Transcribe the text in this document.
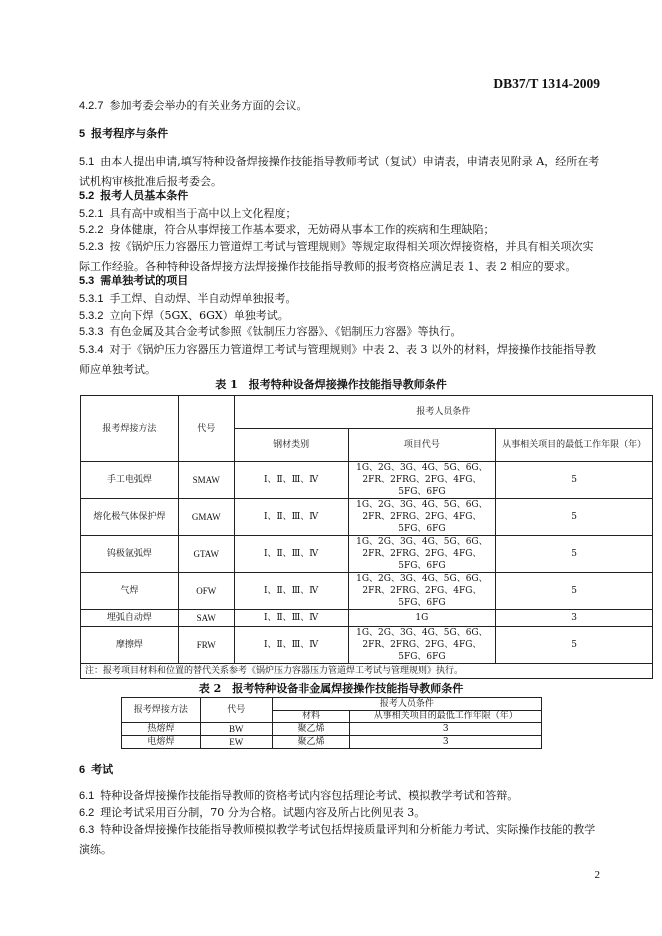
DB37/T 1314-2009
4.2.7 参加考委会举办的有关业务方面的会议。
5 报考程序与条件
5.1 由本人提出申请,填写特种设备焊接操作技能指导教师考试（复试）申请表，申请表见附录 A，经所在考试机构审核批准后报考委会。
5.2 报考人员基本条件
5.2.1 具有高中或相当于高中以上文化程度；
5.2.2 身体健康，符合从事焊接工作基本要求，无妨碍从事本工作的疾病和生理缺陷；
5.2.3 按《锅炉压力容器压力管道焊工考试与管理规则》等规定取得相关项次焊接资格，并具有相关项次实际工作经验。各种特种设备焊接方法焊接操作技能指导教师的报考资格应满足表 1、表 2 相应的要求。
5.3 需单独考试的项目
5.3.1 手工焊、自动焊、半自动焊单独报考。
5.3.2 立向下焊（5GX、6GX）单独考试。
5.3.3 有色金属及其合金考试参照《钛制压力容器》、《铝制压力容器》等执行。
5.3.4 对于《锅炉压力容器压力管道焊工考试与管理规则》中表 2、表 3 以外的材料，焊接操作技能指导教师应单独考试。
表 1　报考特种设备焊接操作技能指导教师条件
报考焊接方法	代号	报考人员条件		
		钢材类别	项目代号	从事相关项目的最低工作年限（年）
手工电弧焊	SMAW	Ⅰ、Ⅱ、Ⅲ、Ⅳ	1G、2G、3G、4G、5G、6G、2FR、2FRG、2FG、4FG、5FG、6FG	5
熔化极气体保护焊	GMAW	Ⅰ、Ⅱ、Ⅲ、Ⅳ	1G、2G、3G、4G、5G、6G、2FR、2FRG、2FG、4FG、5FG、6FG	5
钨极氩弧焊	GTAW	Ⅰ、Ⅱ、Ⅲ、Ⅳ	1G、2G、3G、4G、5G、6G、2FR、2FRG、2FG、4FG、5FG、6FG	5
气焊	OFW	Ⅰ、Ⅱ、Ⅲ、Ⅳ	1G、2G、3G、4G、5G、6G、2FR、2FRG、2FG、4FG、5FG、6FG	5
埋弧自动焊	SAW	Ⅰ、Ⅱ、Ⅲ、Ⅳ	1G	3
摩擦焊	FRW	Ⅰ、Ⅱ、Ⅲ、Ⅳ	1G、2G、3G、4G、5G、6G、2FR、2FRG、2FG、4FG、5FG、6FG	5
注：报考项目材料和位置的替代关系参考《锅炉压力容器压力管道焊工考试与管理规则》执行。				
表 2　报考特种设备非金属焊接操作技能指导教师条件
报考焊接方法	代号	报考人员条件	
		材料	从事相关项目的最低工作年限（年）
热熔焊	BW	聚乙烯	3
电熔焊	EW	聚乙烯	3
6 考试
6.1 特种设备焊接操作技能指导教师的资格考试内容包括理论考试、模拟教学考试和答辩。
6.2 理论考试采用百分制，70 分为合格。试题内容及所占比例见表 3。
6.3 特种设备焊接操作技能指导教师模拟教学考试包括焊接质量评判和分析能力考试、实际操作技能的教学演练。
2
